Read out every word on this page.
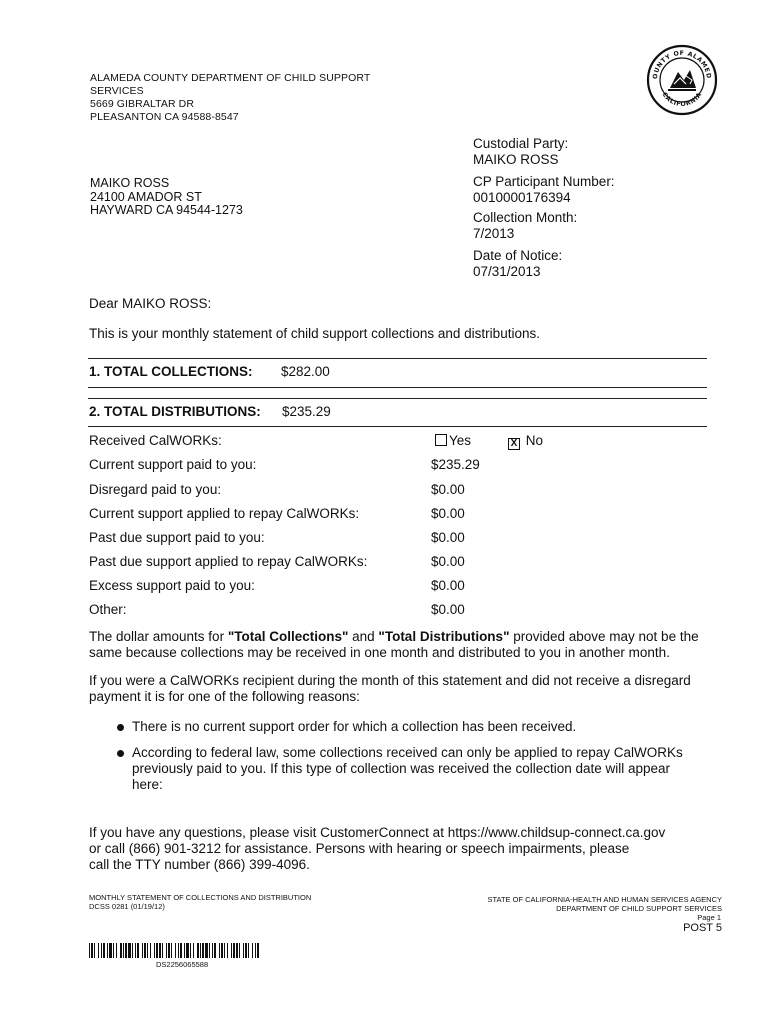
ALAMEDA COUNTY DEPARTMENT OF CHILD SUPPORT
SERVICES
5669 GIBRALTAR DR
PLEASANTON CA 94588-8547
OUNTY OF ALAMED
CALIFORNIA
Custodial Party:
MAIKO ROSS
CP Participant Number:
0010000176394
Collection Month:
7/2013
Date of Notice:
07/31/2013
MAIKO ROSS
24100 AMADOR ST
HAYWARD CA 94544-1273
Dear MAIKO ROSS:
This is your monthly statement of child support collections and distributions.
1. TOTAL COLLECTIONS: $282.00
2. TOTAL DISTRIBUTIONS: $235.29
Received CalWORKs:	Yes	X No
Current support paid to you:	$235.29
Disregard paid to you:	$0.00
Current support applied to repay CalWORKs:	$0.00
Past due support paid to you:	$0.00
Past due support applied to repay CalWORKs:	$0.00
Excess support paid to you:	$0.00
Other:	$0.00
The dollar amounts for "Total Collections" and "Total Distributions" provided above may not be the
same because collections may be received in one month and distributed to you in another month.
If you were a CalWORKs recipient during the month of this statement and did not receive a disregard
payment it is for one of the following reasons:
There is no current support order for which a collection has been received.
According to federal law, some collections received can only be applied to repay CalWORKs
previously paid to you. If this type of collection was received the collection date will appear
here:
If you have any questions, please visit CustomerConnect at https://www.childsup-connect.ca.gov
or call (866) 901-3212 for assistance. Persons with hearing or speech impairments, please
call the TTY number (866) 399-4096.
MONTHLY STATEMENT OF COLLECTIONS AND DISTRIBUTION
DCSS 0281 (01/19/12)
STATE OF CALIFORNIA-HEALTH AND HUMAN SERVICES AGENCY
DEPARTMENT OF CHILD SUPPORT SERVICES
Page 1
POST 5
DS2256065588
